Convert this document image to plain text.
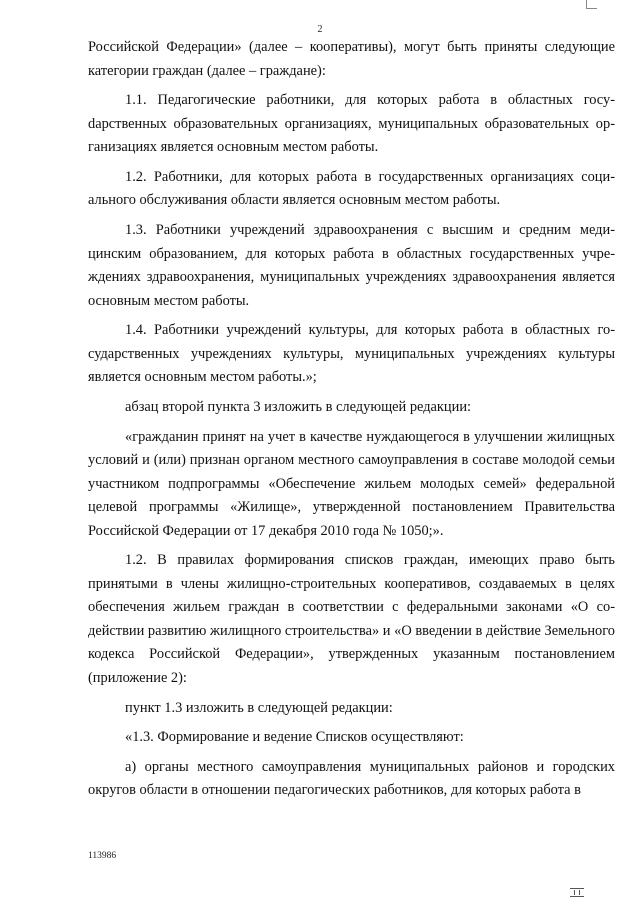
2

Российской Федерации» (далее – кооперативы), могут быть приняты следующие категории граждан (далее – граждане):

1.1. Педагогические работники, для которых работа в областных госуdарственных образовательных организациях, муниципальных образовательных организациях является основным местом работы.

1.2. Работники, для которых работа в государственных организациях социального обслуживания области является основным местом работы.

1.3. Работники учреждений здравоохранения с высшим и средним медицинским образованием, для которых работа в областных государственных учреждениях здравоохранения, муниципальных учреждениях здравоохранения является основным местом работы.

1.4. Работники учреждений культуры, для которых работа в областных государственных учреждениях культуры, муниципальных учреждениях культуры является основным местом работы.»;

абзац второй пункта 3 изложить в следующей редакции:

«гражданин принят на учет в качестве нуждающегося в улучшении жилищных условий и (или) признан органом местного самоуправления в составе молодой семьи участником подпрограммы «Обеспечение жильем молодых семей» федеральной целевой программы «Жилище», утвержденной постановлением Правительства Российской Федерации от 17 декабря 2010 года № 1050;».

1.2. В правилах формирования списков граждан, имеющих право быть принятыми в члены жилищно-строительных кооперативов, создаваемых в целях обеспечения жильем граждан в соответствии с федеральными законами «О содействии развитию жилищного строительства» и «О введении в действие Земельного кодекса Российской Федерации», утвержденных указанным постановлением (приложение 2):

пункт 1.3 изложить в следующей редакции:

«1.3. Формирование и ведение Списков осуществляют:

а) органы местного самоуправления муниципальных районов и городских округов области в отношении педагогических работников, для которых работа в

113986
